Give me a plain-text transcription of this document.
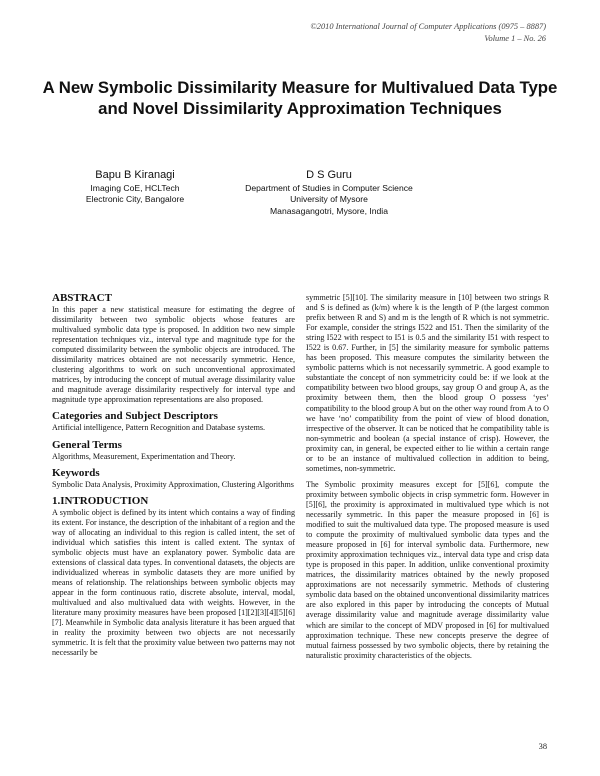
©2010 International Journal of Computer Applications (0975 – 8887)
Volume 1 – No. 26
A New Symbolic Dissimilarity Measure for Multivalued Data Type and Novel Dissimilarity Approximation Techniques
Bapu B Kiranagi
Imaging CoE, HCLTech
Electronic City, Bangalore
D S Guru
Department of Studies in Computer Science
University of Mysore
Manasagangotri, Mysore, India
ABSTRACT

In this paper a new statistical measure for estimating the degree of dissimilarity between two symbolic objects whose features are multivalued symbolic data type is proposed. In addition two new simple representation techniques viz., interval type and magnitude type for the computed dissimilarity between the symbolic objects are introduced. The dissimilarity matrices obtained are not necessarily symmetric. Hence, clustering algorithms to work on such unconventional approximated matrices, by introducing the concept of mutual average dissimilarity value and magnitude average dissimilarity respectively for interval type and magnitude type approximation representations are also proposed.

Categories and Subject Descriptors

Artificial intelligence, Pattern Recognition and Database systems.

General Terms

Algorithms, Measurement, Experimentation and Theory.

Keywords

Symbolic Data Analysis, Proximity Approximation, Clustering Algorithms

1.INTRODUCTION

A symbolic object is defined by its intent which contains a way of finding its extent. For instance, the description of the inhabitant of a region and the way of allocating an individual to this region is called intent, the set of individual which satisfies this intent is called extent. The syntax of symbolic objects must have an explanatory power. Symbolic data are extensions of classical data types. In conventional datasets, the objects are individualized whereas in symbolic datasets they are more unified by means of relationship. The relationships between symbolic objects may appear in the form continuous ratio, discrete absolute, interval, modal, multivalued and also multivalued data with weights. However, in the literature many proximity measures have been proposed [1][2][3][4][5][6][7]. Meanwhile in Symbolic data analysis literature it has been argued that in reality the proximity between two objects are not necessarily symmetric. It is felt that the proximity value between two patterns may not necessarily be

symmetric [5][10]. The similarity measure in [10] between two strings R and S is defined as (k/m) where k is the length of P (the largest common prefix between R and S) and m is the length of R which is not symmetric. For example, consider the strings I522 and I51. Then the similarity of the string I522 with respect to I51 is 0.5 and the similarity I51 with respect to I522 is 0.67. Further, in [5] the similarity measure for symbolic patterns has been proposed. This measure computes the similarity between the symbolic patterns which is not necessarily symmetric. A good example to substantiate the concept of non symmetricity could be: if we look at the compatibility between two blood groups, say group O and group A, as the proximity between them, then the blood group O possess ‘yes’ compatibility to the blood group A but on the other way round from A to O we have ‘no’ compatibility from the point of view of blood donation, irrespective of the observer. It can be noticed that he compatibility table is non-symmetric and boolean (a special instance of crisp). However, the proximity can, in general, be expected either to lie within a certain range or to be an instance of multivalued collection in addition to being, sometimes, non-symmetric.

The Symbolic proximity measures except for [5][6], compute the proximity between symbolic objects in crisp symmetric form. However in [5][6], the proximity is approximated in multivalued type which is not necessarily symmetric. In this paper the measure proposed in [6] is modified to suit the multivalued data type. The proposed measure is used to compute the proximity of multivalued symbolic data types and the measure proposed in [6] for interval symbolic data. Furthermore, new proximity approximation techniques viz., interval data type and crisp data type is proposed in this paper. In addition, unlike conventional proximity matrices, the dissimilarity matrices obtained by the newly proposed approximations are not necessarily symmetric. Methods of clustering symbolic data based on the obtained unconventional dissimilarity matrices are also explored in this paper by introducing the concepts of Mutual average dissimilarity value and magnitude average dissimilarity value which are similar to the concept of MDV proposed in [6] for multivalued approximation technique. These new concepts preserve the degree of mutual fairness possessed by two symbolic objects, there by retaining the naturalistic proximity characteristics of the objects.

38
